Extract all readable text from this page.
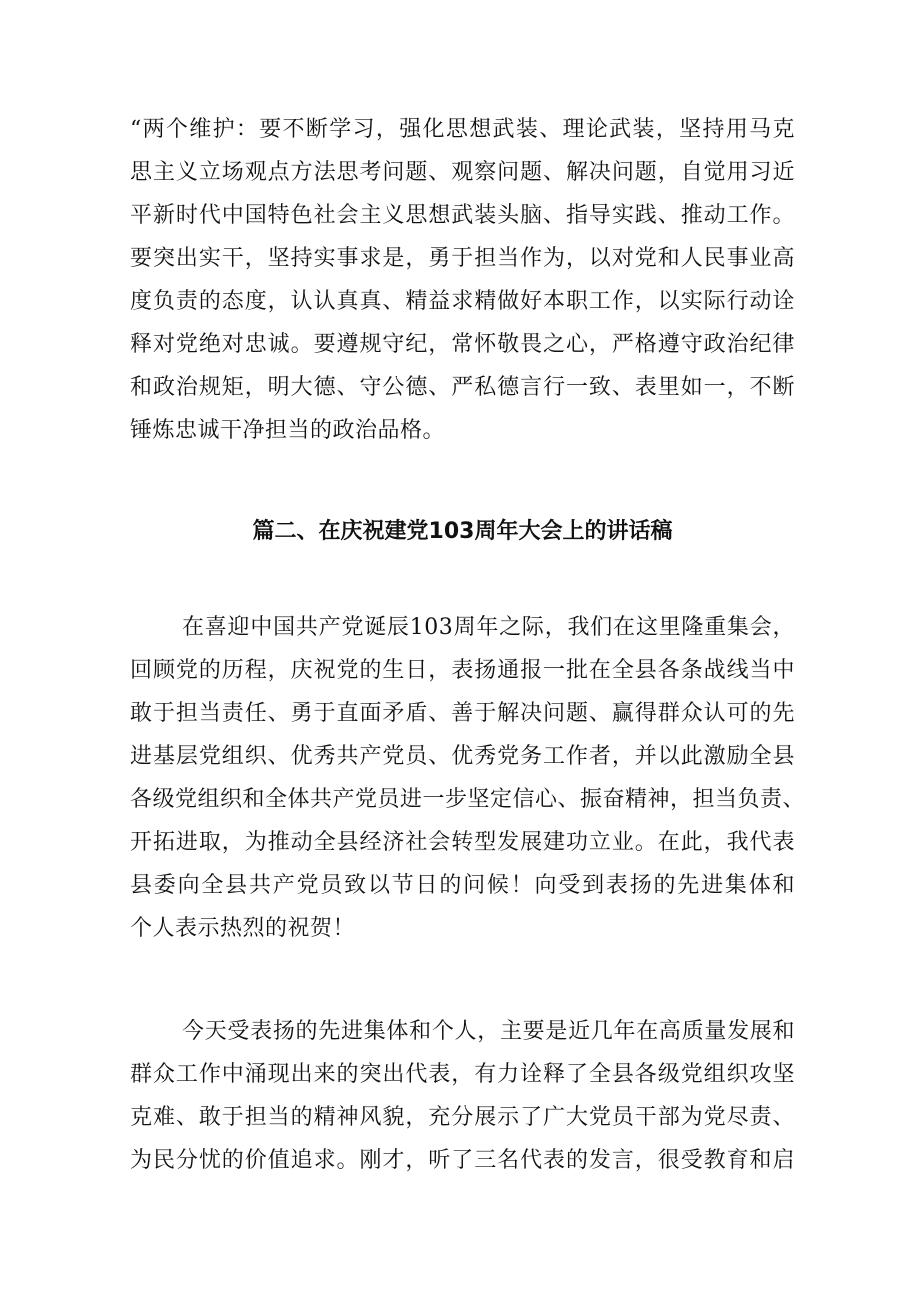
“两个维护：要不断学习，强化思想武装、理论武装，坚持用马克
思主义立场观点方法思考问题、观察问题、解决问题，自觉用习近
平新时代中国特色社会主义思想武装头脑、指导实践、推动工作。
要突出实干，坚持实事求是，勇于担当作为，以对党和人民事业高
度负责的态度，认认真真、精益求精做好本职工作，以实际行动诠
释对党绝对忠诚。要遵规守纪，常怀敬畏之心，严格遵守政治纪律
和政治规矩，明大德、守公德、严私德言行一致、表里如一，不断
锤炼忠诚干净担当的政治品格。
篇二、在庆祝建党103周年大会上的讲话稿
在喜迎中国共产党诞辰103周年之际，我们在这里隆重集会，
回顾党的历程，庆祝党的生日，表扬通报一批在全县各条战线当中
敢于担当责任、勇于直面矛盾、善于解决问题、赢得群众认可的先
进基层党组织、优秀共产党员、优秀党务工作者，并以此激励全县
各级党组织和全体共产党员进一步坚定信心、振奋精神，担当负责、
开拓进取，为推动全县经济社会转型发展建功立业。在此，我代表
县委向全县共产党员致以节日的问候！向受到表扬的先进集体和
个人表示热烈的祝贺！
今天受表扬的先进集体和个人，主要是近几年在高质量发展和
群众工作中涌现出来的突出代表，有力诠释了全县各级党组织攻坚
克难、敢于担当的精神风貌，充分展示了广大党员干部为党尽责、
为民分忧的价值追求。刚才，听了三名代表的发言，很受教育和启
